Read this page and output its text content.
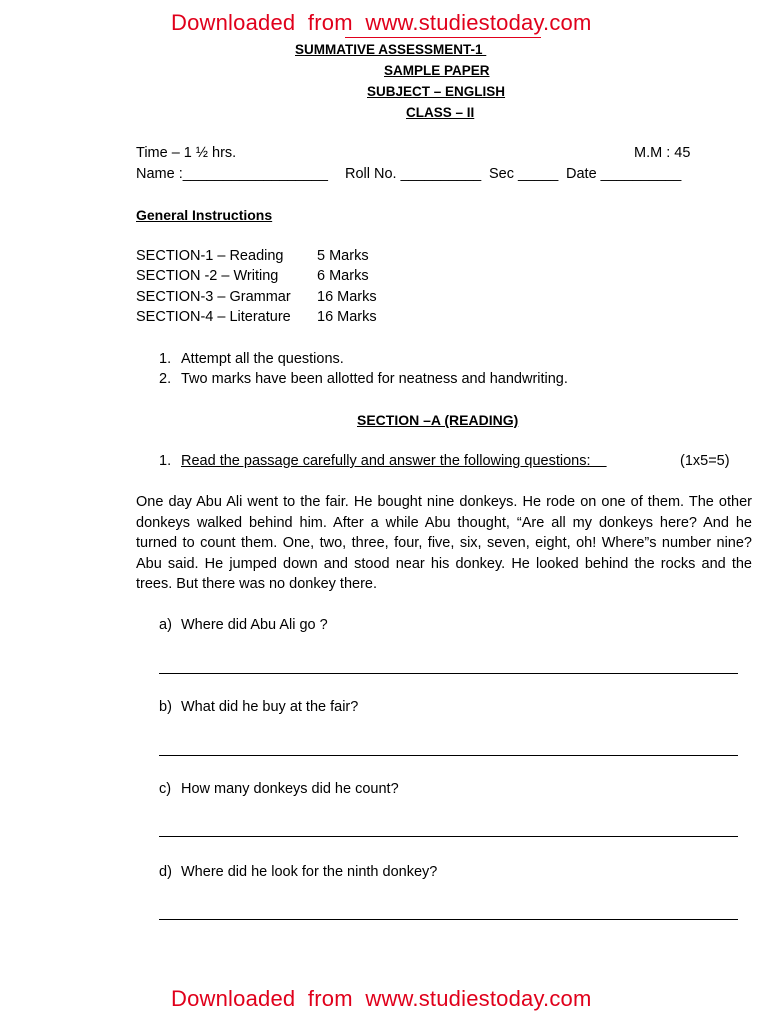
Downloaded  from  www.studiestoday.com
SUMMATIVE ASSESSMENT-1
SAMPLE PAPER
SUBJECT – ENGLISH
CLASS – II
Time – 1 ½ hrs.	M.M : 45
Name :__________________ Roll No. __________ Sec _____ Date __________
General Instructions
SECTION-1 – Reading 5 Marks
SECTION -2 – Writing	6 Marks
SECTION-3 – Grammar 16 Marks
SECTION-4 – Literature 16 Marks
1. Attempt all the questions.
2. Two marks have been allotted for neatness and handwriting.
SECTION –A (READING)
1. Read the passage carefully and answer the following questions:	(1x5=5)
One day Abu Ali went to the fair. He bought nine donkeys. He rode on one of them. The other donkeys walked behind him. After a while Abu thought, “Are all my donkeys here? And he turned to count them. One, two, three, four, five, six, seven, eight, oh! Where”s number nine? Abu said. He jumped down and stood near his donkey. He looked behind the rocks and the trees. But there was no donkey there.
a) Where did Abu Ali go ?
b) What did he buy at the fair?
c) How many donkeys did he count?
d) Where did he look for the ninth donkey?
Downloaded  from  www.studiestoday.com
